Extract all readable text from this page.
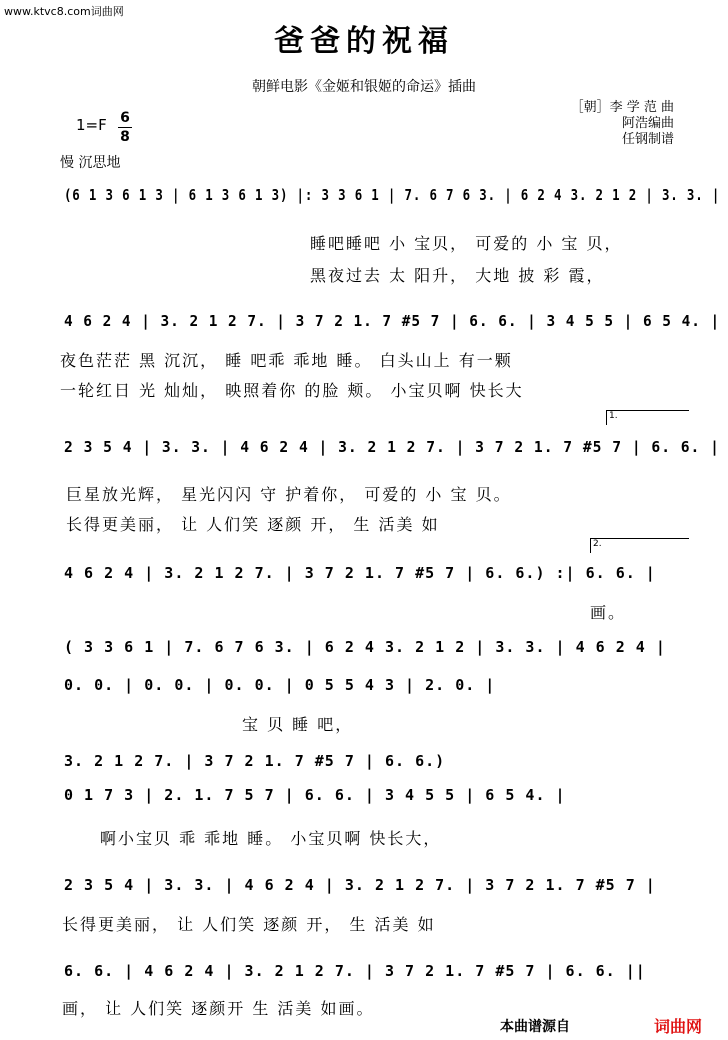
www.ktvc8.com词曲网
爸爸的祝福
朝鲜电影《金姬和银姬的命运》插曲
［朝］李 学 范 曲
阿浩编曲
任钢制谱
1=F 6
8
慢 沉思地
(6 1 3 6 1 3 | 6 1 3 6 1 3) |: 3 3 6 1 | 7. 6 7 6 3. | 6 2 4 3. 2 1 2 | 3. 3. |
睡吧睡吧 小 宝贝， 可爱的 小 宝 贝，
黑夜过去 太 阳升， 大地 披 彩 霞，
4 6 2 4 | 3. 2 1 2 7. | 3 7 2 1. 7 #5 7 | 6. 6. | 3 4 5 5 | 6 5 4. |
夜色茫茫 黑 沉沉， 睡 吧乖 乖地 睡。 白头山上 有一颗
一轮红日 光 灿灿， 映照着你 的脸 颊。 小宝贝啊 快长大
1.
2 3 5 4 | 3. 3. | 4 6 2 4 | 3. 2 1 2 7. | 3 7 2 1. 7 #5 7 | 6. 6. |
巨星放光辉， 星光闪闪 守 护着你， 可爱的 小 宝 贝。
长得更美丽， 让 人们笑 逐颜 开， 生 活美 如
2.
4 6 2 4 | 3. 2 1 2 7. | 3 7 2 1. 7 #5 7 | 6. 6.) :| 6. 6. |
画。
( 3 3 6 1 | 7. 6 7 6 3. | 6 2 4 3. 2 1 2 | 3. 3. | 4 6 2 4 |
0. 0. | 0. 0. | 0. 0. | 0 5 5 4 3 | 2. 0. |
宝 贝 睡 吧，
3. 2 1 2 7. | 3 7 2 1. 7 #5 7 | 6. 6.)
0 1 7 3 | 2. 1. 7 5 7 | 6. 6. | 3 4 5 5 | 6 5 4. |
啊小宝贝 乖 乖地 睡。 小宝贝啊 快长大，
2 3 5 4 | 3. 3. | 4 6 2 4 | 3. 2 1 2 7. | 3 7 2 1. 7 #5 7 |
长得更美丽， 让 人们笑 逐颜 开， 生 活美 如
6. 6. | 4 6 2 4 | 3. 2 1 2 7. | 3 7 2 1. 7 #5 7 | 6. 6. ||
画， 让 人们笑 逐颜开 生 活美 如画。
本曲谱源自	词曲网
